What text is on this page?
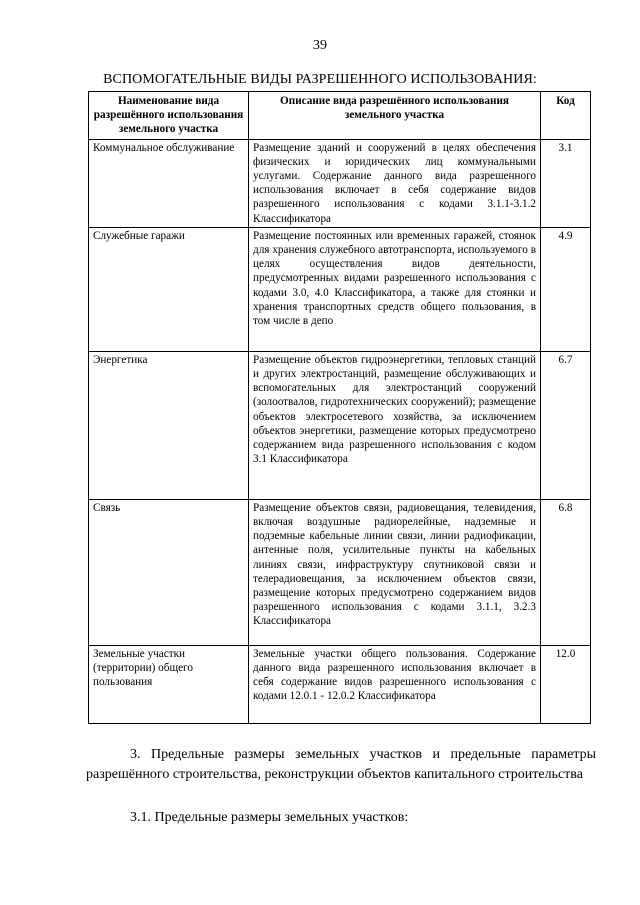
39
ВСПОМОГАТЕЛЬНЫЕ ВИДЫ РАЗРЕШЕННОГО ИСПОЛЬЗОВАНИЯ:
Наименование вида разрешённого использования земельного участка	Описание вида разрешённого использования земельного участка	Код
Коммунальное обслуживание	Размещение зданий и сооружений в целях обеспечения физических и юридических лиц коммунальными услугами. Содержание данного вида разрешенного использования включает в себя содержание видов разрешенного использования с кодами 3.1.1-3.1.2 Классификатора	3.1
Служебные гаражи	Размещение постоянных или временных гаражей, стоянок для хранения служебного автотранспорта, используемого в целях осуществления видов деятельности, предусмотренных видами разрешенного использования с кодами 3.0, 4.0 Классификатора, а также для стоянки и хранения транспортных средств общего пользования, в том числе в депо	4.9
Энергетика	Размещение объектов гидроэнергетики, тепловых станций и других электростанций, размещение обслуживающих и вспомогательных для электростанций сооружений (золоотвалов, гидротехнических сооружений); размещение объектов электросетевого хозяйства, за исключением объектов энергетики, размещение которых предусмотрено содержанием вида разрешенного использования с кодом 3.1 Классификатора	6.7
Связь	Размещение объектов связи, радиовещания, телевидения, включая воздушные радиорелейные, надземные и подземные кабельные линии связи, линии радиофикации, антенные поля, усилительные пункты на кабельных линиях связи, инфраструктуру спутниковой связи и телерадиовещания, за исключением объектов связи, размещение которых предусмотрено содержанием видов разрешенного использования с кодами 3.1.1, 3.2.3 Классификатора	6.8
Земельные участки (территории) общего пользования	Земельные участки общего пользования. Содержание данного вида разрешенного использования включает в себя содержание видов разрешенного использования с кодами 12.0.1 - 12.0.2 Классификатора	12.0

3. Предельные размеры земельных участков и предельные параметры разрешённого строительства, реконструкции объектов капитального строительства

3.1. Предельные размеры земельных участков:
